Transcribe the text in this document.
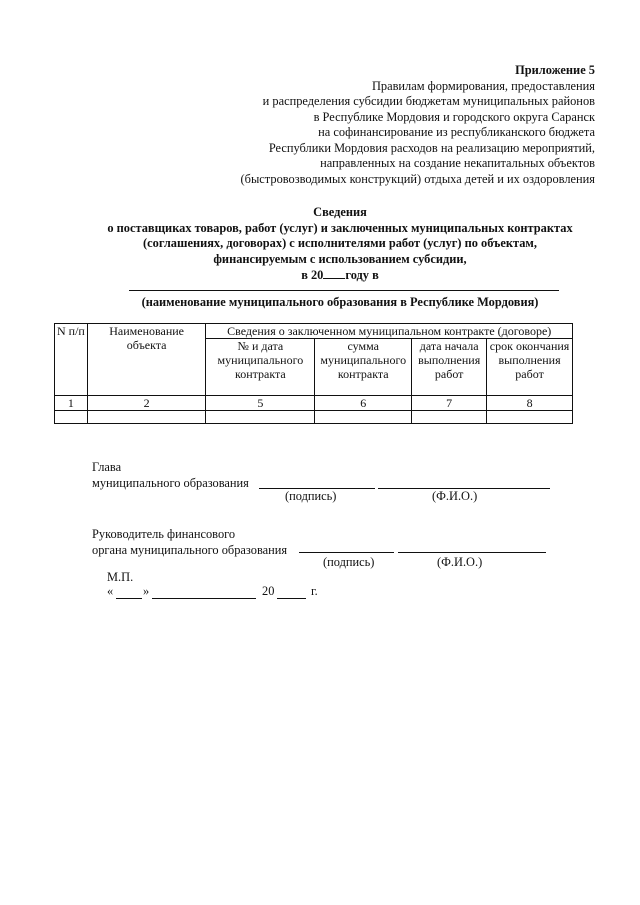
Приложение 5
Правилам формирования, предоставления
и распределения субсидии бюджетам муниципальных районов
в Республике Мордовия и городского округа Саранск
на софинансирование из республиканского бюджета
Республики Мордовия расходов на реализацию мероприятий,
направленных на создание некапитальных объектов
(быстровозводимых конструкций) отдыха детей и их оздоровления
Сведения
о поставщиках товаров, работ (услуг) и заключенных муниципальных контрактах
(соглашениях, договорах) с исполнителями работ (услуг) по объектам,
финансируемым с использованием субсидии,
в 20 году в
(наименование муниципального образования в Республике Мордовия)
N п/п	Наименование объекта	Сведения о заключенном муниципальном контракте (договоре)			
		№ и дата муниципального контракта	сумма муниципального контракта	дата начала выполнения работ	срок окончания выполнения работ
1	2	5	6	7	8

Глава
муниципального образования
(подпись)	(Ф.И.О.)
Руководитель финансового
органа муниципального образования
(подпись)	(Ф.И.О.)
М.П.
« »	20	г.
